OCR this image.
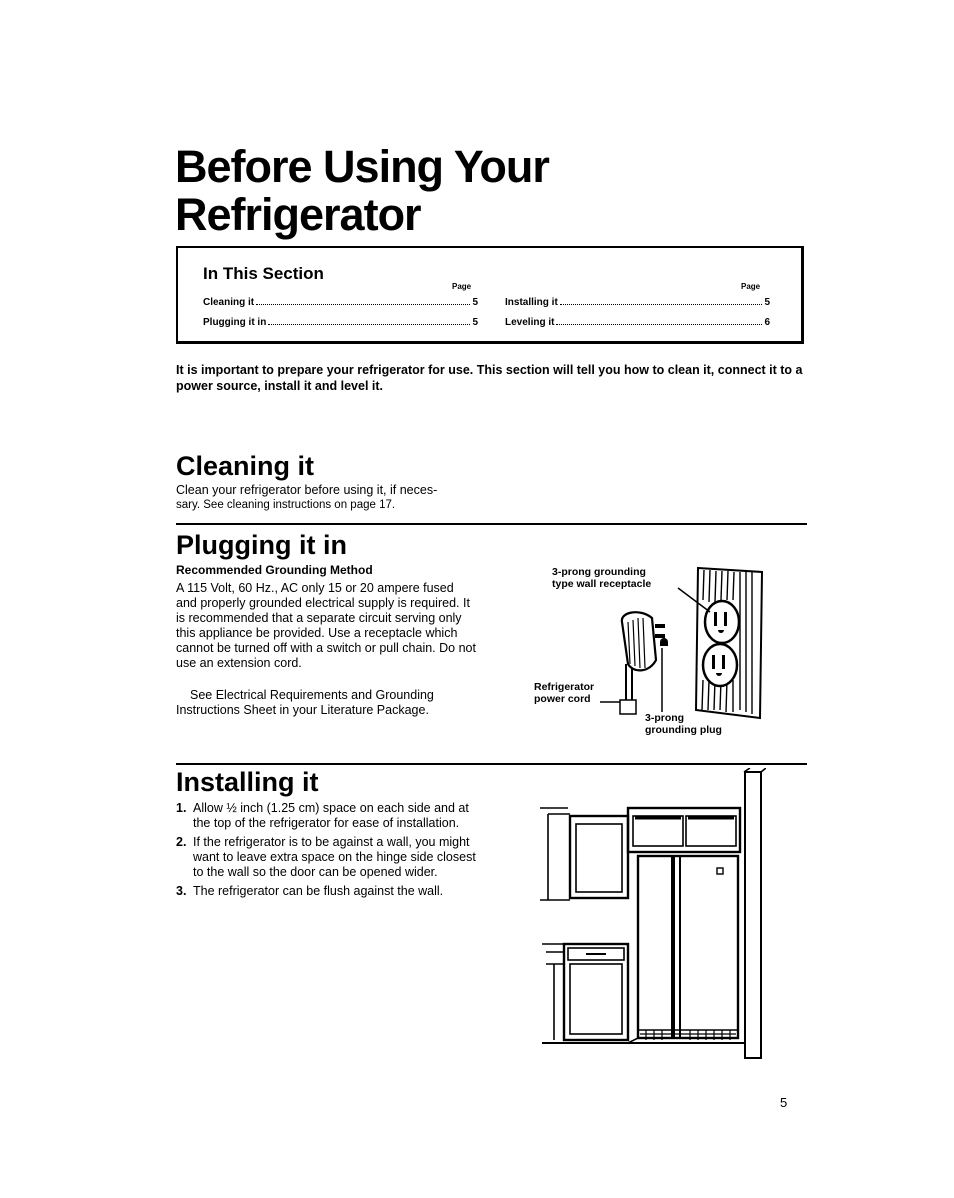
Before Using Your
Refrigerator
In This Section
Page	Page
Cleaning it	5
Plugging it in	5
Installing it	5
Leveling it	6
It is important to prepare your refrigerator for use. This section will tell you how to clean it, connect it to a power source, install it and level it.
Cleaning it
Clean your refrigerator before using it, if neces-
sary. See cleaning instructions on page 17.
Plugging it in
Recommended Grounding Method
A 115 Volt, 60 Hz., AC only 15 or 20 ampere fused and properly grounded electrical supply is required. It is recommended that a separate circuit serving only this appliance be provided. Use a receptacle which cannot be turned off with a switch or pull chain. Do not use an extension cord.
See Electrical Requirements and Grounding Instructions Sheet in your Literature Package.
3-prong grounding
type wall receptacle
Refrigerator
power cord
3-prong
grounding plug
Installing it
1. Allow ½ inch (1.25 cm) space on each side and at the top of the refrigerator for ease of installation.
2. If the refrigerator is to be against a wall, you might want to leave extra space on the hinge side closest to the wall so the door can be opened wider.
3. The refrigerator can be flush against the wall.
5
